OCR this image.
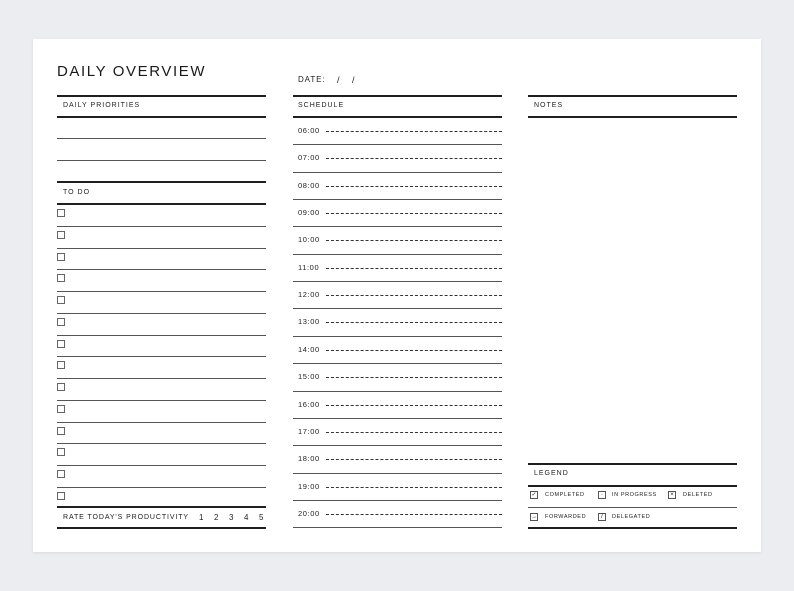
DAILY OVERVIEW	DATE: / /
DAILY PRIORITIES
TO DO
RATE TODAY'S PRODUCTIVITY
SCHEDULE	NOTES
LEGEND
1 2 3 4 5
06:00
07:00
08:00
09:00
10:00
11:00
12:00
13:00
14:00
15:00
16:00
17:00
18:00
19:00
20:00
✓ COMPLETED	·	IN PROGRESS	×	DELETED
→ FORWARDED	/	DELEGATED
